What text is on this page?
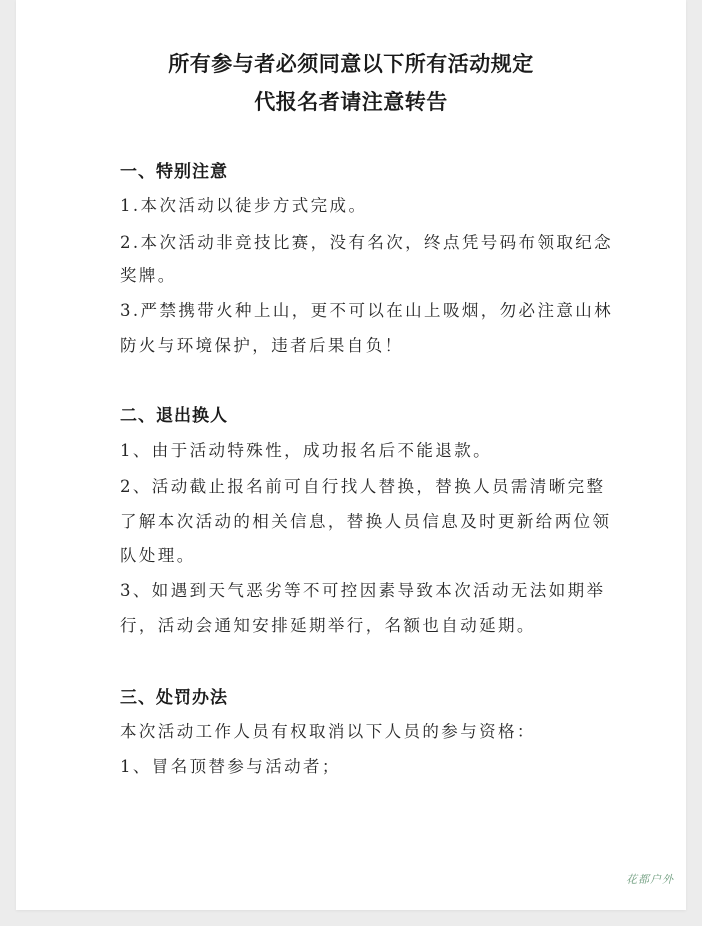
所有参与者必须同意以下所有活动规定
代报名者请注意转告
一、特别注意
1.本次活动以徒步方式完成。
2.本次活动非竞技比赛，没有名次，终点凭号码布领取纪念
奖牌。
3.严禁携带火种上山，更不可以在山上吸烟，勿必注意山林
防火与环境保护，违者后果自负！
二、退出换人
1、由于活动特殊性，成功报名后不能退款。
2、活动截止报名前可自行找人替换，替换人员需清晰完整
了解本次活动的相关信息，替换人员信息及时更新给两位领
队处理。
3、如遇到天气恶劣等不可控因素导致本次活动无法如期举
行，活动会通知安排延期举行，名额也自动延期。
三、处罚办法
本次活动工作人员有权取消以下人员的参与资格：
1、冒名顶替参与活动者；
花都户外
